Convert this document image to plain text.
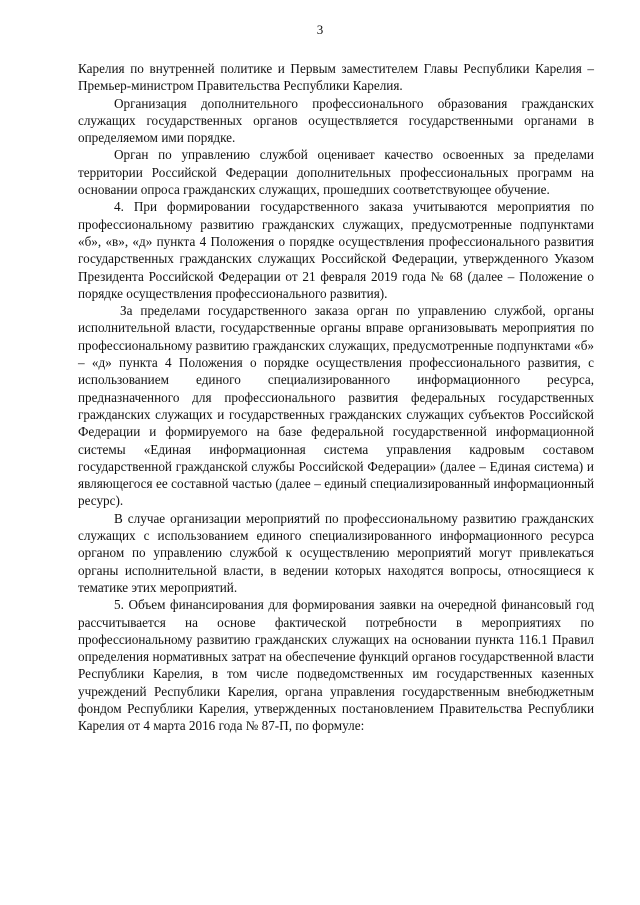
3

Карелия по внутренней политике и Первым заместителем Главы Республики Карелия – Премьер-министром Правительства Республики Карелия.

Организация дополнительного профессионального образования гражданских служащих государственных органов осуществляется государственными органами в определяемом ими порядке.

Орган по управлению службой оценивает качество освоенных за пределами территории Российской Федерации дополнительных профессиональных программ на основании опроса гражданских служащих, прошедших соответствующее обучение.

4. При формировании государственного заказа учитываются мероприятия по профессиональному развитию гражданских служащих, предусмотренные подпунктами «б», «в», «д» пункта 4 Положения о порядке осуществления профессионального развития государственных гражданских служащих Российской Федерации, утвержденного Указом Президента Российской Федерации от 21 февраля 2019 года № 68 (далее – Положение о порядке осуществления профессионального развития).

За пределами государственного заказа орган по управлению службой, органы исполнительной власти, государственные органы вправе организовывать мероприятия по профессиональному развитию гражданских служащих, предусмотренные подпунктами «б» – «д» пункта 4 Положения о порядке осуществления профессионального развития, с использованием единого специализированного информационного ресурса, предназначенного для профессионального развития федеральных государственных гражданских служащих и государственных гражданских служащих субъектов Российской Федерации и формируемого на базе федеральной государственной информационной системы «Единая информационная система управления кадровым составом государственной гражданской службы Российской Федерации» (далее – Единая система) и являющегося ее составной частью (далее – единый специализированный информационный ресурс).

В случае организации мероприятий по профессиональному развитию гражданских служащих с использованием единого специализированного информационного ресурса органом по управлению службой к осуществлению мероприятий могут привлекаться органы исполнительной власти, в ведении которых находятся вопросы, относящиеся к тематике этих мероприятий.

5. Объем финансирования для формирования заявки на очередной финансовый год рассчитывается на основе фактической потребности в мероприятиях по профессиональному развитию гражданских служащих на основании пункта 116.1 Правил определения нормативных затрат на обеспечение функций органов государственной власти Республики Карелия, в том числе подведомственных им государственных казенных учреждений Республики Карелия, органа управления государственным внебюджетным фондом Республики Карелия, утвержденных постановлением Правительства Республики Карелия от 4 марта 2016 года № 87-П, по формуле:
